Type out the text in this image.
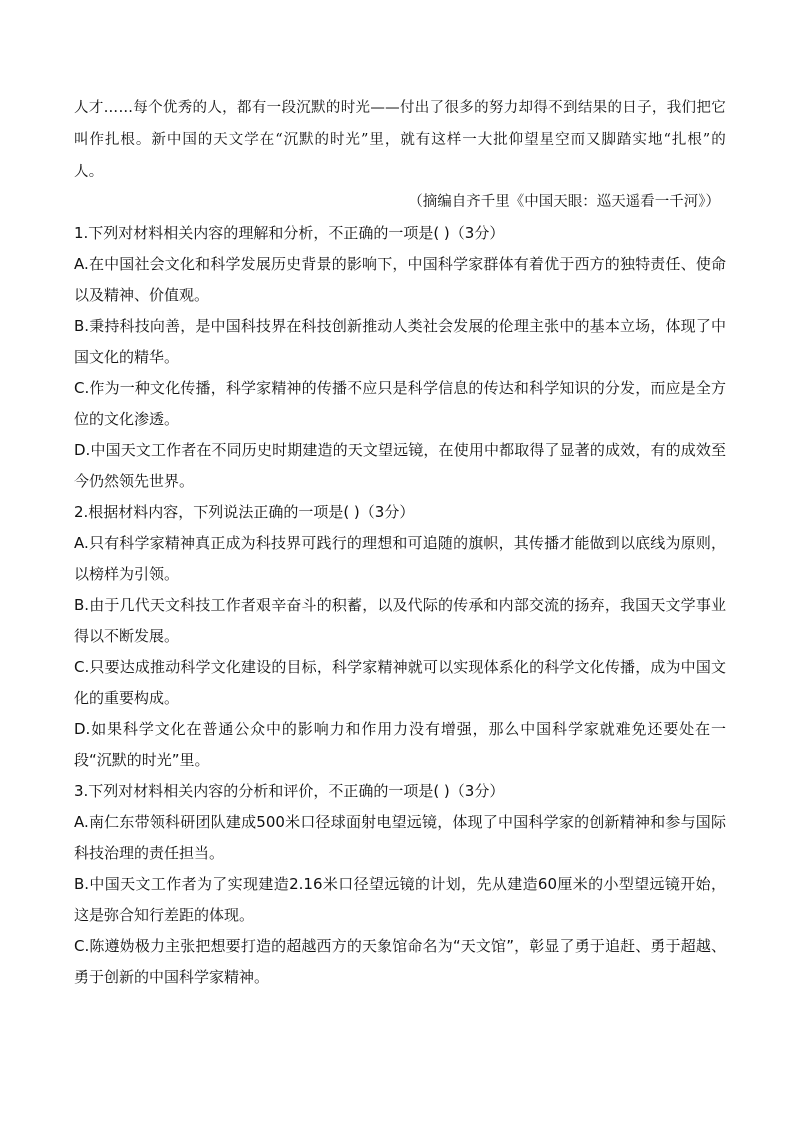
人才……每个优秀的人，都有一段沉默的时光——付出了很多的努力却得不到结果的日子，我们把它叫作扎根。新中国的天文学在“沉默的时光”里，就有这样一大批仰望星空而又脚踏实地“扎根”的人。

（摘编自齐千里《中国天眼：巡天遥看一千河》）

1.下列对材料相关内容的理解和分析，不正确的一项是( )（3分）

A.在中国社会文化和科学发展历史背景的影响下，中国科学家群体有着优于西方的独特责任、使命以及精神、价值观。

B.秉持科技向善，是中国科技界在科技创新推动人类社会发展的伦理主张中的基本立场，体现了中国文化的精华。

C.作为一种文化传播，科学家精神的传播不应只是科学信息的传达和科学知识的分发，而应是全方位的文化渗透。

D.中国天文工作者在不同历史时期建造的天文望远镜，在使用中都取得了显著的成效，有的成效至今仍然领先世界。

2.根据材料内容，下列说法正确的一项是( )（3分）

A.只有科学家精神真正成为科技界可践行的理想和可追随的旗帜，其传播才能做到以底线为原则，以榜样为引领。

B.由于几代天文科技工作者艰辛奋斗的积蓄，以及代际的传承和内部交流的扬弃，我国天文学事业得以不断发展。

C.只要达成推动科学文化建设的目标，科学家精神就可以实现体系化的科学文化传播，成为中国文化的重要构成。

D.如果科学文化在普通公众中的影响力和作用力没有增强，那么中国科学家就难免还要处在一段“沉默的时光”里。

3.下列对材料相关内容的分析和评价，不正确的一项是( )（3分）

A.南仁东带领科研团队建成500米口径球面射电望远镜，体现了中国科学家的创新精神和参与国际科技治理的责任担当。

B.中国天文工作者为了实现建造2.16米口径望远镜的计划，先从建造60厘米的小型望远镜开始，这是弥合知行差距的体现。

C.陈遵妫极力主张把想要打造的超越西方的天象馆命名为“天文馆”，彰显了勇于追赶、勇于超越、勇于创新的中国科学家精神。
